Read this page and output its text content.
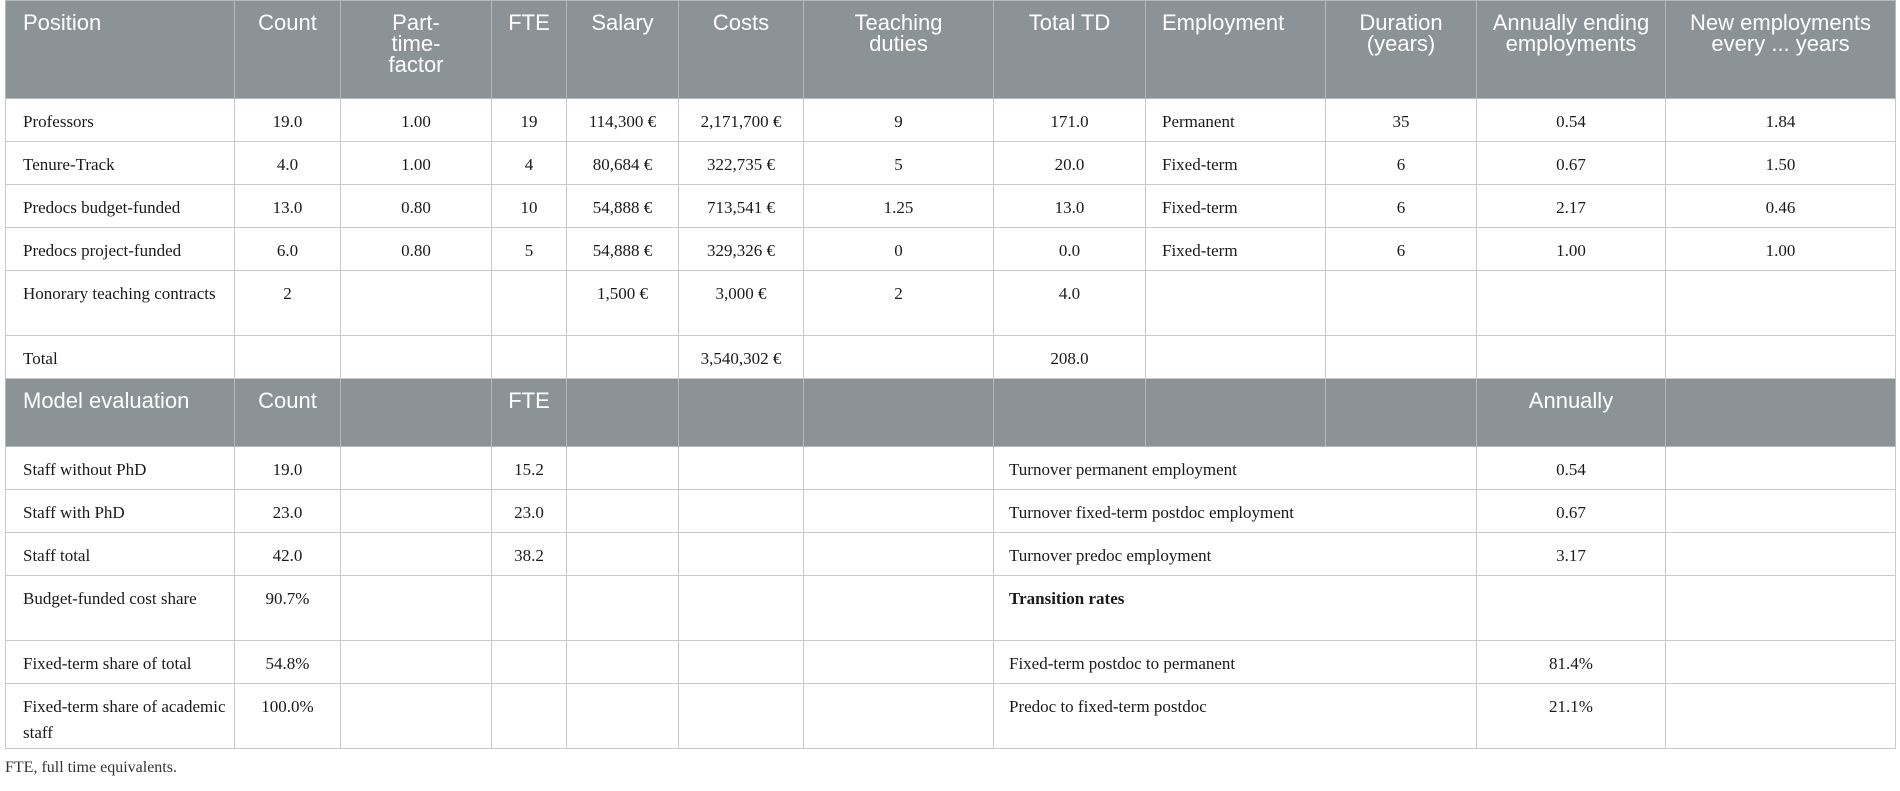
Position	Count	Part-time-factor	FTE	Salary	Costs	Teaching duties	Total TD	Employment	Duration (years)	Annually ending employments	New employments every ... years

Professors	19.0	1.00	19	114,300 €	2,171,700 €	9	171.0	Permanent	35	0.54	1.84

Tenure-Track	4.0	1.00	4	80,684 €	322,735 €	5	20.0	Fixed-term	6	0.67	1.50

Predocs budget-funded	13.0	0.80	10	54,888 €	713,541 €	1.25	13.0	Fixed-term	6	2.17	0.46

Predocs project-funded	6.0	0.80	5	54,888 €	329,326 €	0	0.0	Fixed-term	6	1.00	1.00

Honorary teaching contracts	2			1,500 €	3,000 €	2	4.0				

Total					3,540,302 €		208.0				

Model evaluation	Count		FTE							Annually	

Staff without PhD	19.0		15.2				Turnover permanent employment			0.54	

Staff with PhD	23.0		23.0				Turnover fixed-term postdoc employment			0.67	

Staff total	42.0		38.2				Turnover predoc employment			3.17	

Budget-funded cost share	90.7%						Transition rates				

Fixed-term share of total	54.8%						Fixed-term postdoc to permanent			81.4%	

Fixed-term share of academic staff	100.0%						Predoc to fixed-term postdoc			21.1%	

FTE, full time equivalents.
